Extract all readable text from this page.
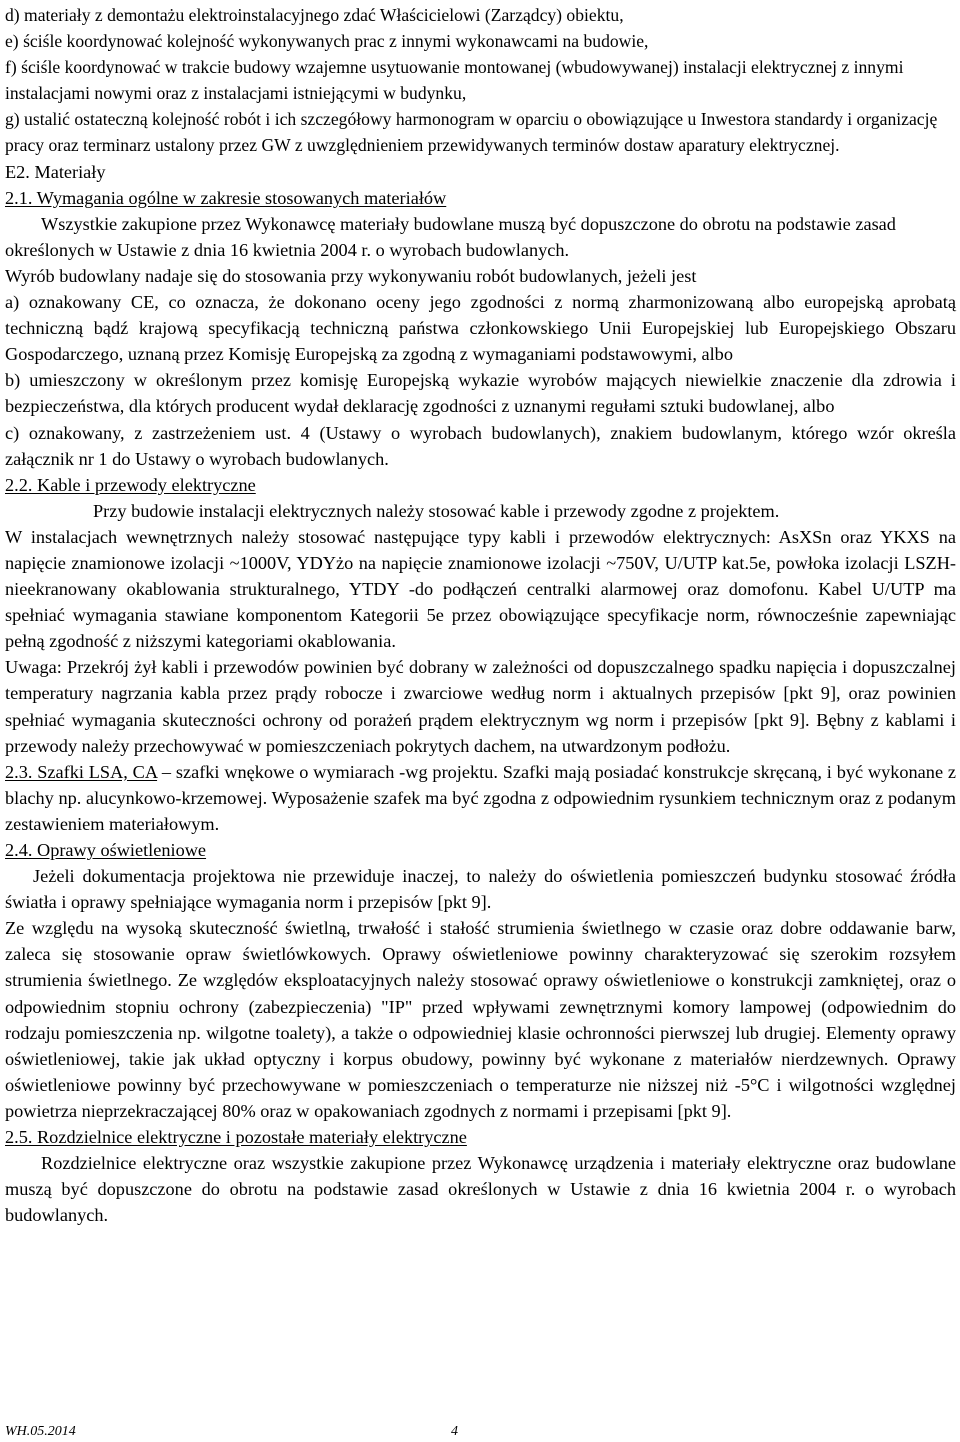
d) materiały z demontażu elektroinstalacyjnego zdać Właścicielowi (Zarządcy) obiektu,

e) ściśle koordynować kolejność wykonywanych prac z innymi wykonawcami na budowie,

f) ściśle koordynować w trakcie budowy wzajemne usytuowanie montowanej (wbudowywanej) instalacji elektrycznej z innymi instalacjami nowymi oraz z instalacjami istniejącymi w budynku,

g) ustalić ostateczną kolejność robót i ich szczegółowy harmonogram w oparciu o obowiązujące u Inwestora standardy i organizację pracy oraz terminarz ustalony przez GW z uwzględnieniem przewidywanych terminów dostaw aparatury elektrycznej.

E2. Materiały

2.1. Wymagania ogólne w zakresie stosowanych materiałów

Wszystkie zakupione przez Wykonawcę materiały budowlane muszą być dopuszczone do obrotu na podstawie zasad określonych w Ustawie z dnia 16 kwietnia 2004 r. o wyrobach budowlanych.

Wyrób budowlany nadaje się do stosowania przy wykonywaniu robót budowlanych, jeżeli jest

a) oznakowany CE, co oznacza, że dokonano oceny jego zgodności z normą zharmonizowaną albo europejską aprobatą techniczną bądź krajową specyfikacją techniczną państwa członkowskiego Unii Europejskiej lub Europejskiego Obszaru Gospodarczego, uznaną przez Komisję Europejską za zgodną z wymaganiami podstawowymi, albo

b) umieszczony w określonym przez komisję Europejską wykazie wyrobów mających niewielkie znaczenie dla zdrowia i bezpieczeństwa, dla których producent wydał deklarację zgodności z uznanymi regułami sztuki budowlanej, albo

c) oznakowany, z zastrzeżeniem ust. 4 (Ustawy o wyrobach budowlanych), znakiem budowlanym, którego wzór określa załącznik nr 1 do Ustawy o wyrobach budowlanych.

2.2. Kable i przewody elektryczne

Przy budowie instalacji elektrycznych należy stosować kable i przewody zgodne z projektem.

W instalacjach wewnętrznych należy stosować następujące typy kabli i przewodów elektrycznych: AsXSn oraz YKXS na napięcie znamionowe izolacji ~1000V, YDYżo na napięcie znamionowe izolacji ~750V, U/UTP kat.5e, powłoka izolacji LSZH-nieekranowany okablowania strukturalnego, YTDY -do podłączeń centralki alarmowej oraz domofonu. Kabel U/UTP ma spełniać wymagania stawiane komponentom Kategorii 5e przez obowiązujące specyfikacje norm, równocześnie zapewniając pełną zgodność z niższymi kategoriami okablowania.

Uwaga: Przekrój żył kabli i przewodów powinien być dobrany w zależności od dopuszczalnego spadku napięcia i dopuszczalnej temperatury nagrzania kabla przez prądy robocze i zwarciowe według norm i aktualnych przepisów [pkt 9], oraz powinien spełniać wymagania skuteczności ochrony od porażeń prądem elektrycznym wg norm i przepisów [pkt 9]. Bębny z kablami i przewody należy przechowywać w pomieszczeniach pokrytych dachem, na utwardzonym podłożu.

2.3. Szafki LSA, CA – szafki wnękowe o wymiarach -wg projektu. Szafki mają posiadać konstrukcje skręcaną, i być wykonane z blachy np. alucynkowo-krzemowej. Wyposażenie szafek ma być zgodna z odpowiednim rysunkiem technicznym oraz z podanym zestawieniem materiałowym.

2.4. Oprawy oświetleniowe

Jeżeli dokumentacja projektowa nie przewiduje inaczej, to należy do oświetlenia pomieszczeń budynku stosować źródła światła i oprawy spełniające wymagania norm i przepisów [pkt 9].

Ze względu na wysoką skuteczność świetlną, trwałość i stałość strumienia świetlnego w czasie oraz dobre oddawanie barw, zaleca się stosowanie opraw świetlówkowych. Oprawy oświetleniowe powinny charakteryzować się szerokim rozsyłem strumienia świetlnego. Ze względów eksploatacyjnych należy stosować oprawy oświetleniowe o konstrukcji zamkniętej, oraz o odpowiednim stopniu ochrony (zabezpieczenia) "IP" przed wpływami zewnętrznymi komory lampowej (odpowiednim do rodzaju pomieszczenia np. wilgotne toalety), a także o odpowiedniej klasie ochronności pierwszej lub drugiej. Elementy oprawy oświetleniowej, takie jak układ optyczny i korpus obudowy, powinny być wykonane z materiałów nierdzewnych. Oprawy oświetleniowe powinny być przechowywane w pomieszczeniach o temperaturze nie niższej niż -5°C i wilgotności względnej powietrza nieprzekraczającej 80% oraz w opakowaniach zgodnych z normami i przepisami [pkt 9].

2.5. Rozdzielnice elektryczne i pozostałe materiały elektryczne

Rozdzielnice elektryczne oraz wszystkie zakupione przez Wykonawcę urządzenia i materiały elektryczne oraz budowlane muszą być dopuszczone do obrotu na podstawie zasad określonych w Ustawie z dnia 16 kwietnia 2004 r. o wyrobach budowlanych.

WH.05.2014	4
